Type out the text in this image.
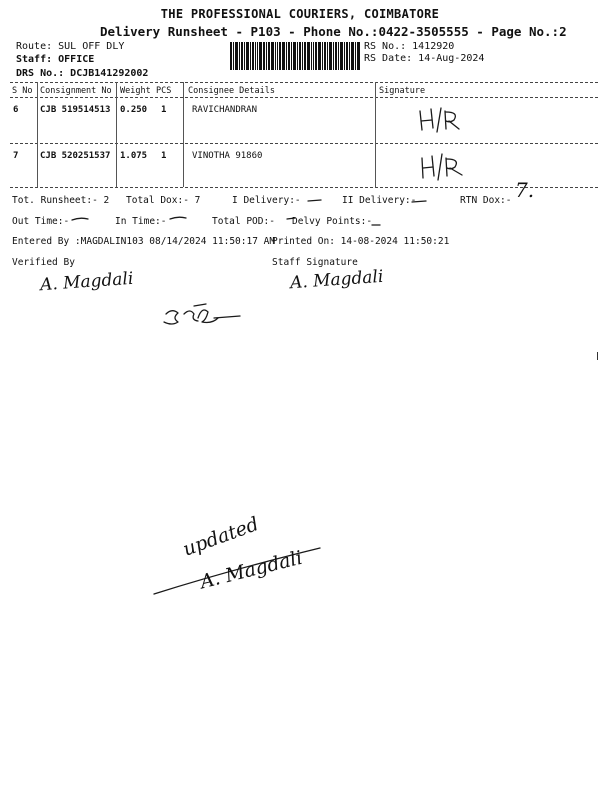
THE PROFESSIONAL COURIERS, COIMBATORE
Delivery Runsheet - P103 - Phone No.:0422-3505555 - Page No.:2
Route: SUL OFF DLY
Staff: OFFICE
DRS No.: DCJB141292002
RS No.: 1412920
RS Date: 14-Aug-2024
S No Consignment No Weight PCS Consignee Details	Signature
6 CJB 519514513 0.250 1	RAVICHANDRAN
7 CJB 520251537 1.075 1	VINOTHA 91860
Tot. Runsheet:- 2 Total Dox:- 7	I Delivery:-	II Delivery:-	RTN Dox:- 7.
Out Time:-	In Time:-	Total POD:- Delvy Points:-
Entered By :MAGDALIN103 08/14/2024 11:50:17 AM
Printed On: 14-08-2024 11:50:21
Verified By	Staff Signature
A. Magdali	A. Magdali
updated
A. Magdali
